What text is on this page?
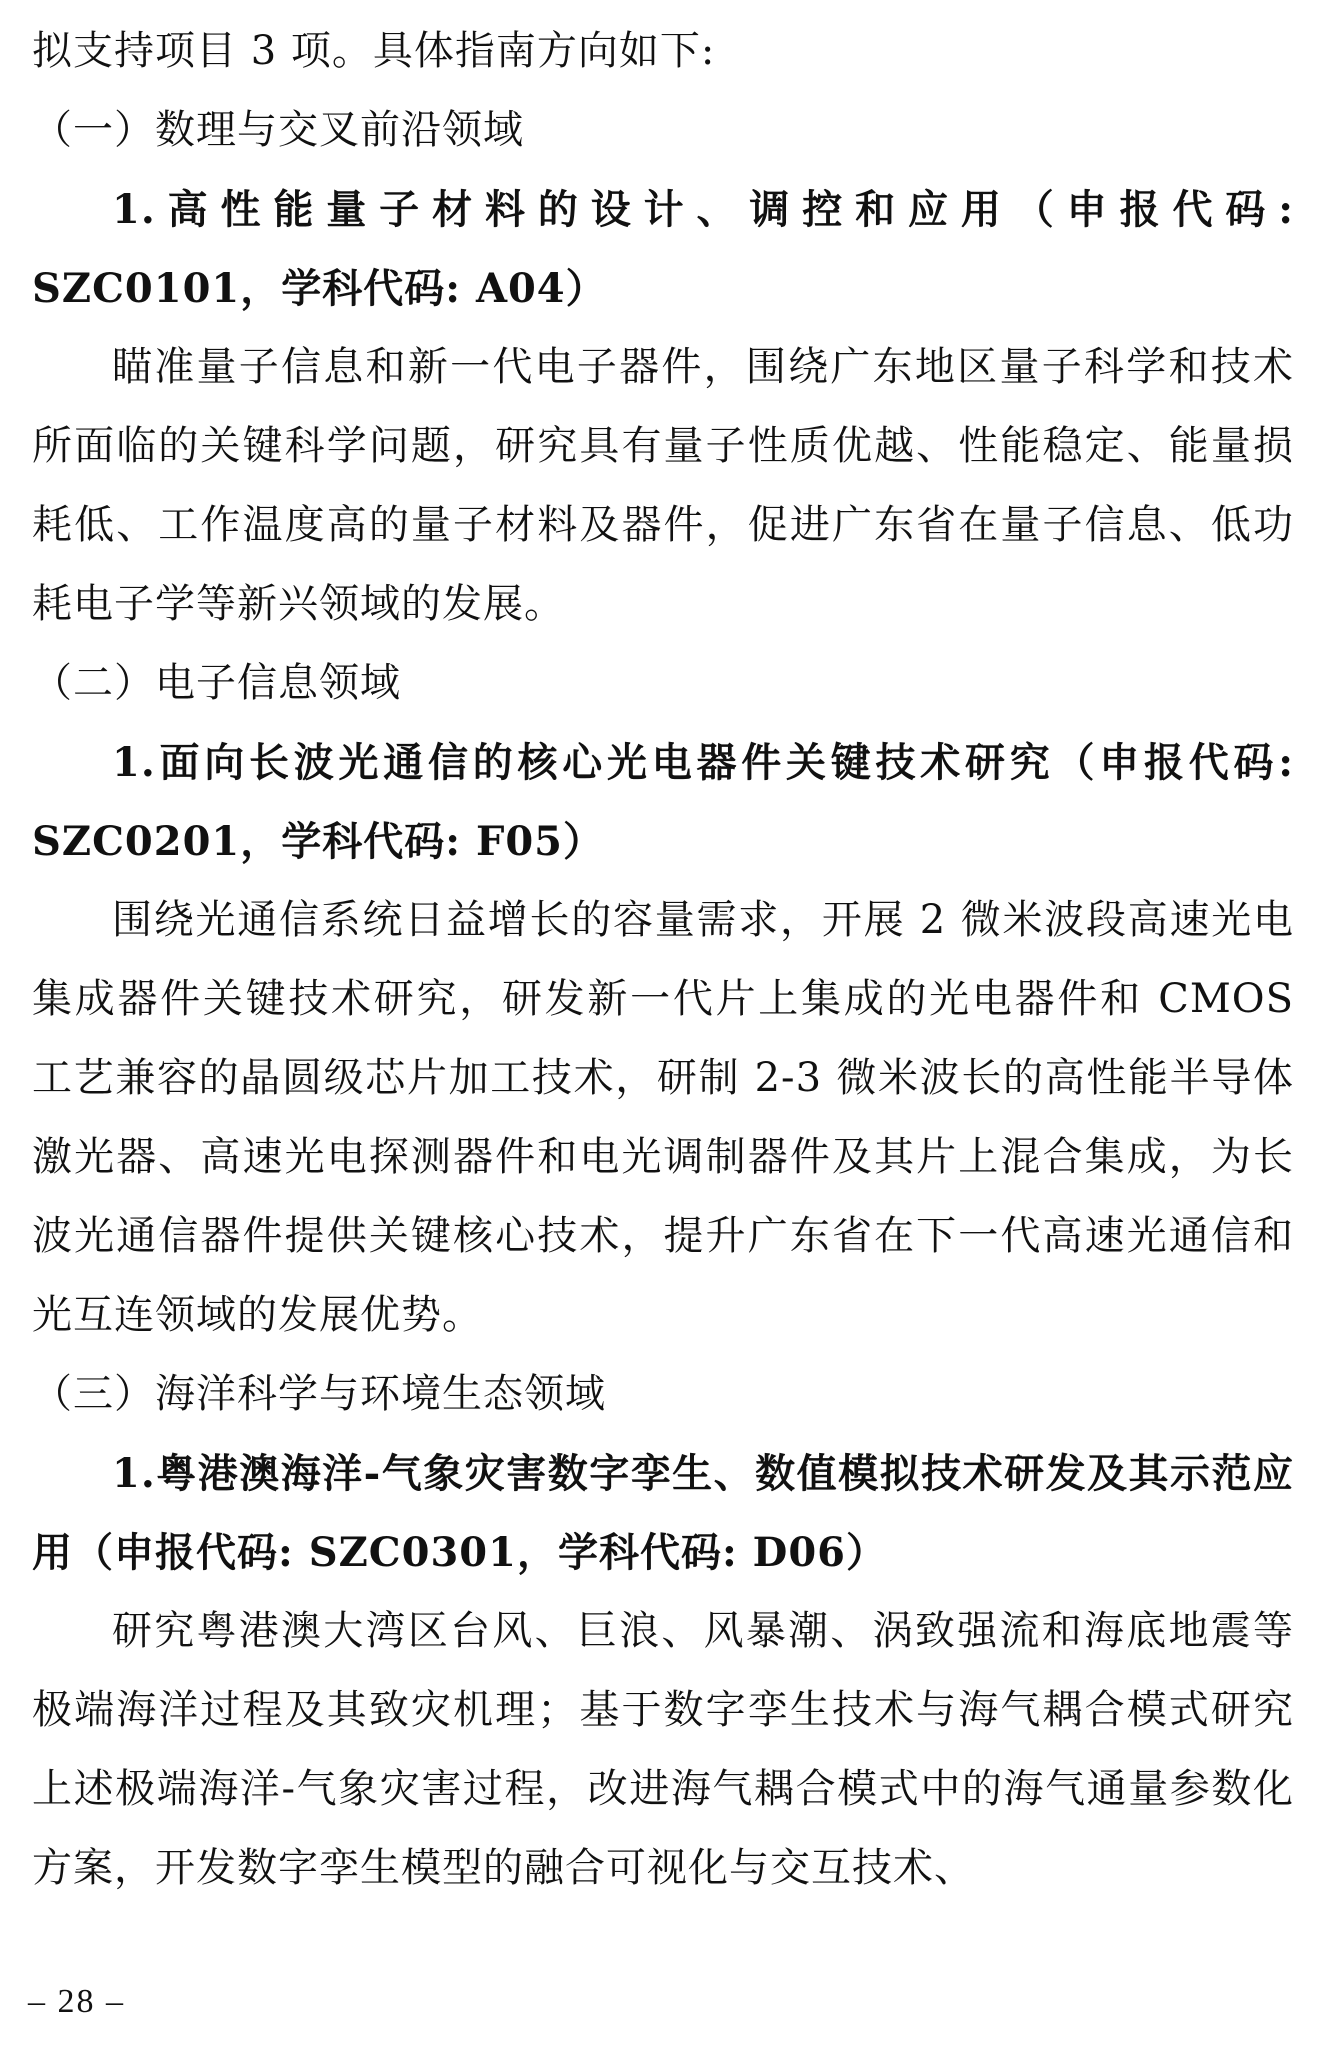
拟支持项目 3 项。具体指南方向如下:

（一）数理与交叉前沿领域

1.高性能量子材料的设计、调控和应用（申报代码: SZC0101，学科代码: A04）

瞄准量子信息和新一代电子器件，围绕广东地区量子科学和技术所面临的关键科学问题，研究具有量子性质优越、性能稳定、能量损耗低、工作温度高的量子材料及器件，促进广东省在量子信息、低功耗电子学等新兴领域的发展。

（二）电子信息领域

1.面向长波光通信的核心光电器件关键技术研究（申报代码: SZC0201，学科代码: F05）

围绕光通信系统日益增长的容量需求，开展 2 微米波段高速光电集成器件关键技术研究，研发新一代片上集成的光电器件和 CMOS 工艺兼容的晶圆级芯片加工技术，研制 2-3 微米波长的高性能半导体激光器、高速光电探测器件和电光调制器件及其片上混合集成，为长波光通信器件提供关键核心技术，提升广东省在下一代高速光通信和光互连领域的发展优势。

（三）海洋科学与环境生态领域

1.粤港澳海洋-气象灾害数字孪生、数值模拟技术研发及其示范应用（申报代码: SZC0301，学科代码: D06）

研究粤港澳大湾区台风、巨浪、风暴潮、涡致强流和海底地震等极端海洋过程及其致灾机理；基于数字孪生技术与海气耦合模式研究上述极端海洋-气象灾害过程，改进海气耦合模式中的海气通量参数化方案，开发数字孪生模型的融合可视化与交互技术、

– 28 –
